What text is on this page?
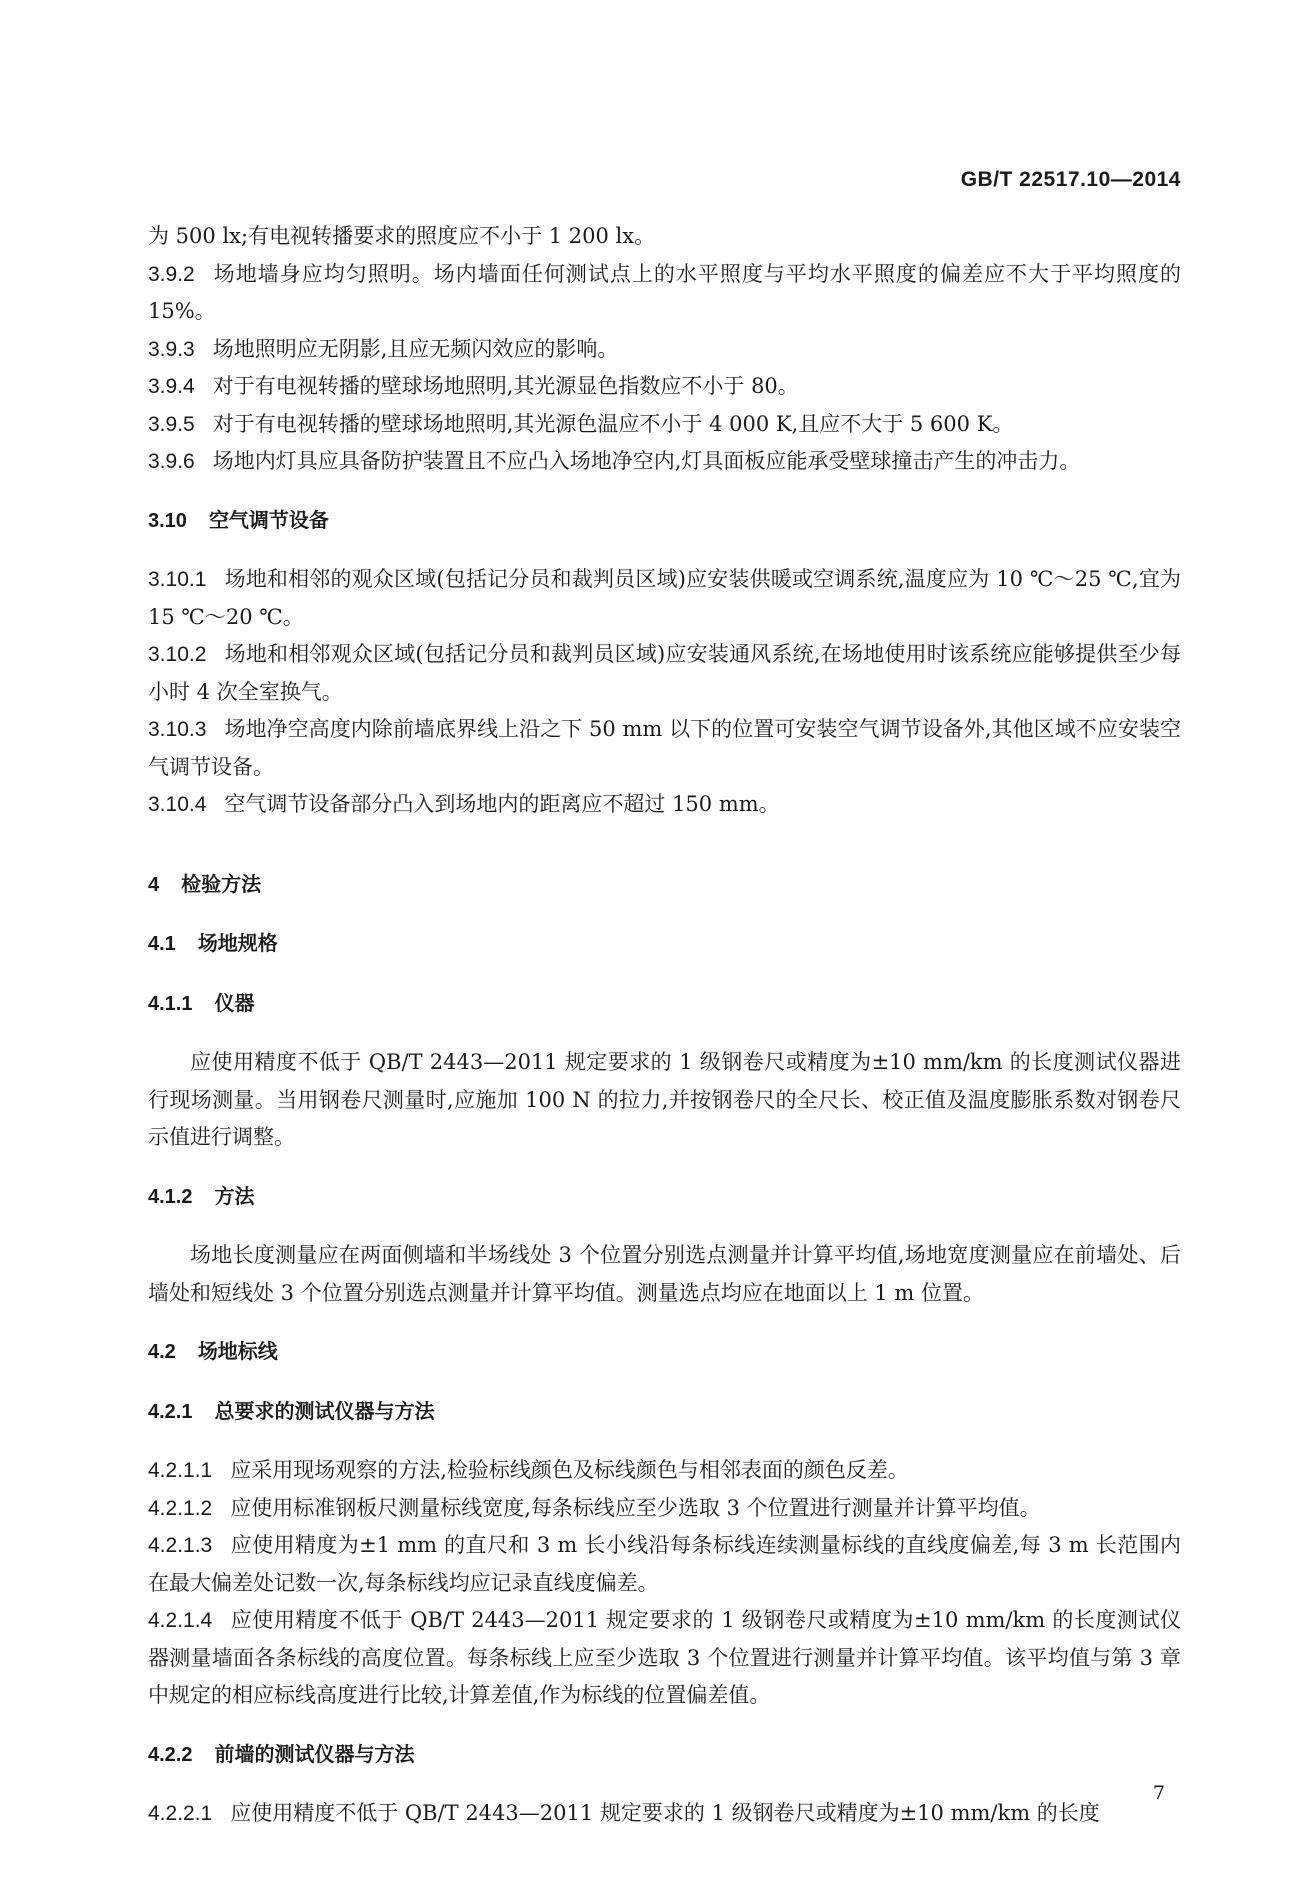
GB/T 22517.10—2014

为 500 lx;有电视转播要求的照度应不小于 1 200 lx。

3.9.2 场地墙身应均匀照明。场内墙面任何测试点上的水平照度与平均水平照度的偏差应不大于平均照度的 15%。

3.9.3 场地照明应无阴影,且应无频闪效应的影响。

3.9.4 对于有电视转播的壁球场地照明,其光源显色指数应不小于 80。

3.9.5 对于有电视转播的壁球场地照明,其光源色温应不小于 4 000 K,且应不大于 5 600 K。

3.9.6 场地内灯具应具备防护装置且不应凸入场地净空内,灯具面板应能承受壁球撞击产生的冲击力。

3.10 空气调节设备

3.10.1 场地和相邻的观众区域(包括记分员和裁判员区域)应安装供暖或空调系统,温度应为 10 ℃～25 ℃,宜为 15 ℃～20 ℃。

3.10.2 场地和相邻观众区域(包括记分员和裁判员区域)应安装通风系统,在场地使用时该系统应能够提供至少每小时 4 次全室换气。

3.10.3 场地净空高度内除前墙底界线上沿之下 50 mm 以下的位置可安装空气调节设备外,其他区域不应安装空气调节设备。

3.10.4 空气调节设备部分凸入到场地内的距离应不超过 150 mm。

4 检验方法

4.1 场地规格

4.1.1 仪器

应使用精度不低于 QB/T 2443—2011 规定要求的 1 级钢卷尺或精度为±10 mm/km 的长度测试仪器进行现场测量。当用钢卷尺测量时,应施加 100 N 的拉力,并按钢卷尺的全尺长、校正值及温度膨胀系数对钢卷尺示值进行调整。

4.1.2 方法

场地长度测量应在两面侧墙和半场线处 3 个位置分别选点测量并计算平均值,场地宽度测量应在前墙处、后墙处和短线处 3 个位置分别选点测量并计算平均值。测量选点均应在地面以上 1 m 位置。

4.2 场地标线

4.2.1 总要求的测试仪器与方法

4.2.1.1 应采用现场观察的方法,检验标线颜色及标线颜色与相邻表面的颜色反差。

4.2.1.2 应使用标准钢板尺测量标线宽度,每条标线应至少选取 3 个位置进行测量并计算平均值。

4.2.1.3 应使用精度为±1 mm 的直尺和 3 m 长小线沿每条标线连续测量标线的直线度偏差,每 3 m 长范围内在最大偏差处记数一次,每条标线均应记录直线度偏差。

4.2.1.4 应使用精度不低于 QB/T 2443—2011 规定要求的 1 级钢卷尺或精度为±10 mm/km 的长度测试仪器测量墙面各条标线的高度位置。每条标线上应至少选取 3 个位置进行测量并计算平均值。该平均值与第 3 章中规定的相应标线高度进行比较,计算差值,作为标线的位置偏差值。

4.2.2 前墙的测试仪器与方法

4.2.2.1 应使用精度不低于 QB/T 2443—2011 规定要求的 1 级钢卷尺或精度为±10 mm/km 的长度

7
